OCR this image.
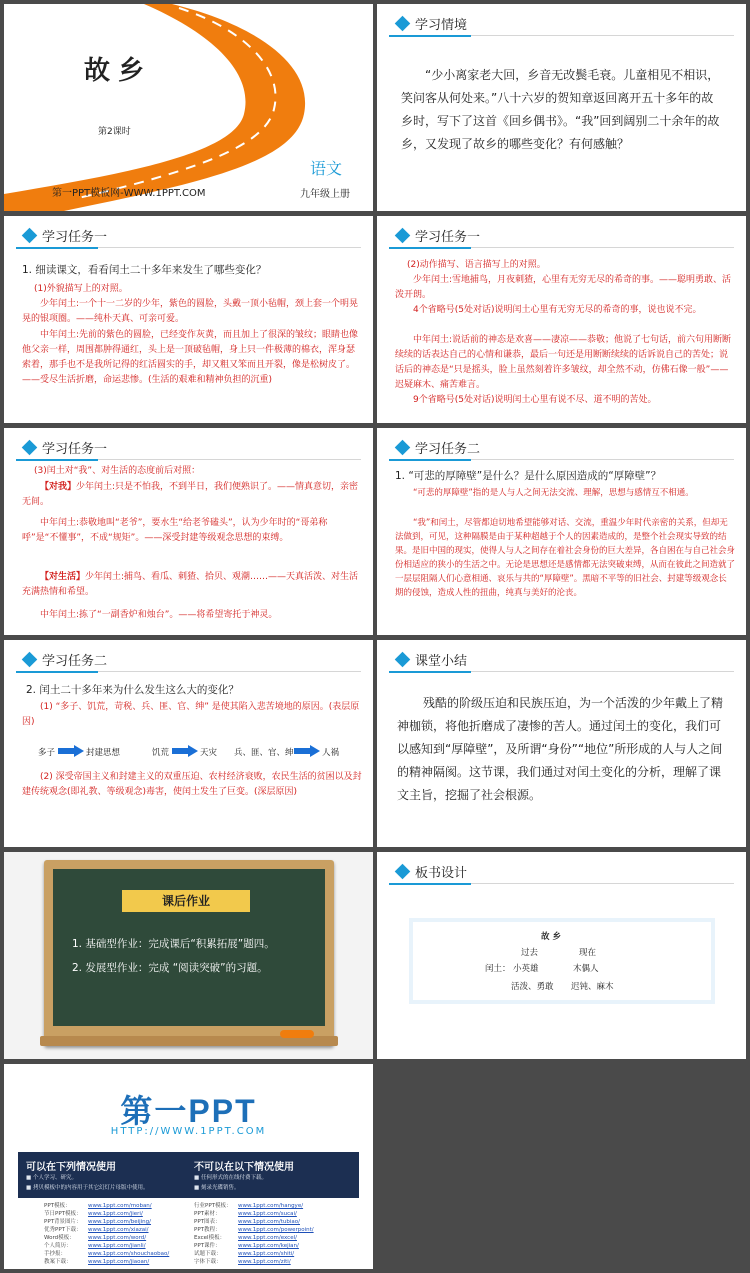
故乡
鲁迅
第2课时
语文
第一PPT模板网-WWW.1PPT.COM	九年级上册
学习情境
“少小离家老大回，乡音无改鬓毛衰。儿童相见不相识，笑问客从何处来。”八十六岁的贺知章返回离开五十多年的故乡时，写下了这首《回乡偶书》。“我”回到阔别二十余年的故乡，又发现了故乡的哪些变化？有何感触？
学习任务一
1. 细读课文，看看闰土二十多年来发生了哪些变化？
(1)外貌描写上的对照。
少年闰土:一个十一二岁的少年，紫色的圆脸，头戴一顶小毡帽，颈上套一个明晃晃的银项圈。——纯朴天真、可亲可爱。
中年闰土:先前的紫色的圆脸，已经变作灰黄，而且加上了很深的皱纹；眼睛也像他父亲一样，周围都肿得通红，头上是一顶破毡帽，身上只一件极薄的棉衣，浑身瑟索着，那手也不是我所记得的红活圆实的手，却又粗又笨而且开裂，像是松树皮了。——受尽生活折磨，命运悲惨。(生活的艰难和精神负担的沉重)
学习任务一
(2)动作描写、语言描写上的对照。
少年闰土:雪地捕鸟，月夜刺猹，心里有无穷无尽的希奇的事。——聪明勇敢、活泼开朗。
4个省略号(5处对话)说明闰土心里有无穷无尽的希奇的事，说也说不完。
中年闰土:说话前的神态是欢喜——凄凉——恭敬；他说了七句话，前六句用断断续续的话表达自己的心情和谦恭，最后一句还是用断断续续的话诉说自己的苦处；说话后的神态是“只是摇头，脸上虽然刻着许多皱纹，却全然不动，仿佛石像一般”——迟疑麻木、痛苦难言。
9个省略号(5处对话)说明闰土心里有说不尽、道不明的苦处。
学习任务一
(3)闰土对“我”、对生活的态度前后对照：
【对我】少年闰土:只是不怕我，不到半日，我们便熟识了。——情真意切，亲密无间。
中年闰土:恭敬地叫“老爷”，要水生“给老爷磕头”，认为少年时的“哥弟称呼”是“不懂事”，不成“规矩”。——深受封建等级观念思想的束缚。
【对生活】少年闰土:捕鸟、看瓜、刺猹、拾贝、观潮……——天真活泼、对生活充满热情和希望。
中年闰土:拣了“一副香炉和烛台”。——将希望寄托于神灵。
学习任务二
1. “可悲的厚障壁”是什么？是什么原因造成的“厚障壁”？
“可悲的厚障壁”指的是人与人之间无法交流、理解，思想与感情互不相通。
“我”和闰土，尽管都迫切地希望能够对话、交流，重温少年时代亲密的关系，但却无法做到，可见，这种隔膜是由于某种超越于个人的因素造成的，是整个社会现实导致的结果。是旧中国的现实，使得人与人之间存在着社会身份的巨大差异，各自困在与自己社会身份相适应的狭小的生活之中。无论是思想还是感情都无法突破束缚，从而在彼此之间造就了一层层阻隔人们心意相通、哀乐与共的“厚障壁”。黑暗不平等的旧社会、封建等级观念长期的侵蚀，造成人性的扭曲，纯真与美好的沦丧。
学习任务二
2. 闰土二十多年来为什么发生这么大的变化？
(1) “多子、饥荒，苛税、兵、匪、官、绅” 是使其陷入悲苦境地的原因。(表层原因)
多子	封建思想	饥荒	天灾 兵、匪、官、绅	人祸
(2) 深受帝国主义和封建主义的双重压迫、农村经济衰败，农民生活的贫困以及封建传统观念(即礼教、等级观念)毒害，使闰土发生了巨变。(深层原因)
课堂小结
残酷的阶级压迫和民族压迫，为一个活泼的少年戴上了精神枷锁，将他折磨成了凄惨的苦人。通过闰土的变化，我们可以感知到“厚障壁”，及所谓“身份”“地位”所形成的人与人之间的精神隔阂。这节课，我们通过对闰土变化的分析，理解了课文主旨，挖掘了社会根源。
课后作业
1. 基础型作业：完成课后“积累拓展”题四。
2. 发展型作业：完成 “阅读突破”的习题。
板书设计
故 乡
过去	现在
闰土： 小英雄	木偶人
活泼、勇敢 迟钝、麻木
第一PPT
HTTP://WWW.1PPT.COM
可以在下列情况使用
■ 个人学习、研究。
■ 拷贝模板中的内容用于其它幻灯片母版中使用。
不可以在以下情况使用
■ 任何形式的在线付费下载。
■ 刻录光碟销售。
PPT模板：	www.1ppt.com/moban/
节日PPT模板： www.1ppt.com/jieri/
PPT背景图片： www.1ppt.com/beijing/
优秀PPT下载： www.1ppt.com/xiazai/
Word模板： www.1ppt.com/word/
个人简历：	www.1ppt.com/jianli/
手抄报：	www.1ppt.com/shouchaobao/
教案下载：	www.1ppt.com/jiaoan/
行业PPT模板： www.1ppt.com/hangye/
PPT素材：	www.1ppt.com/sucai/
PPT图表：	www.1ppt.com/tubiao/
PPT教程：	www.1ppt.com/powerpoint/
Excel模板： www.1ppt.com/excel/
PPT课件：	www.1ppt.com/kejian/
试题下载：	www.1ppt.com/shiti/
字体下载：	www.1ppt.com/ziti/
